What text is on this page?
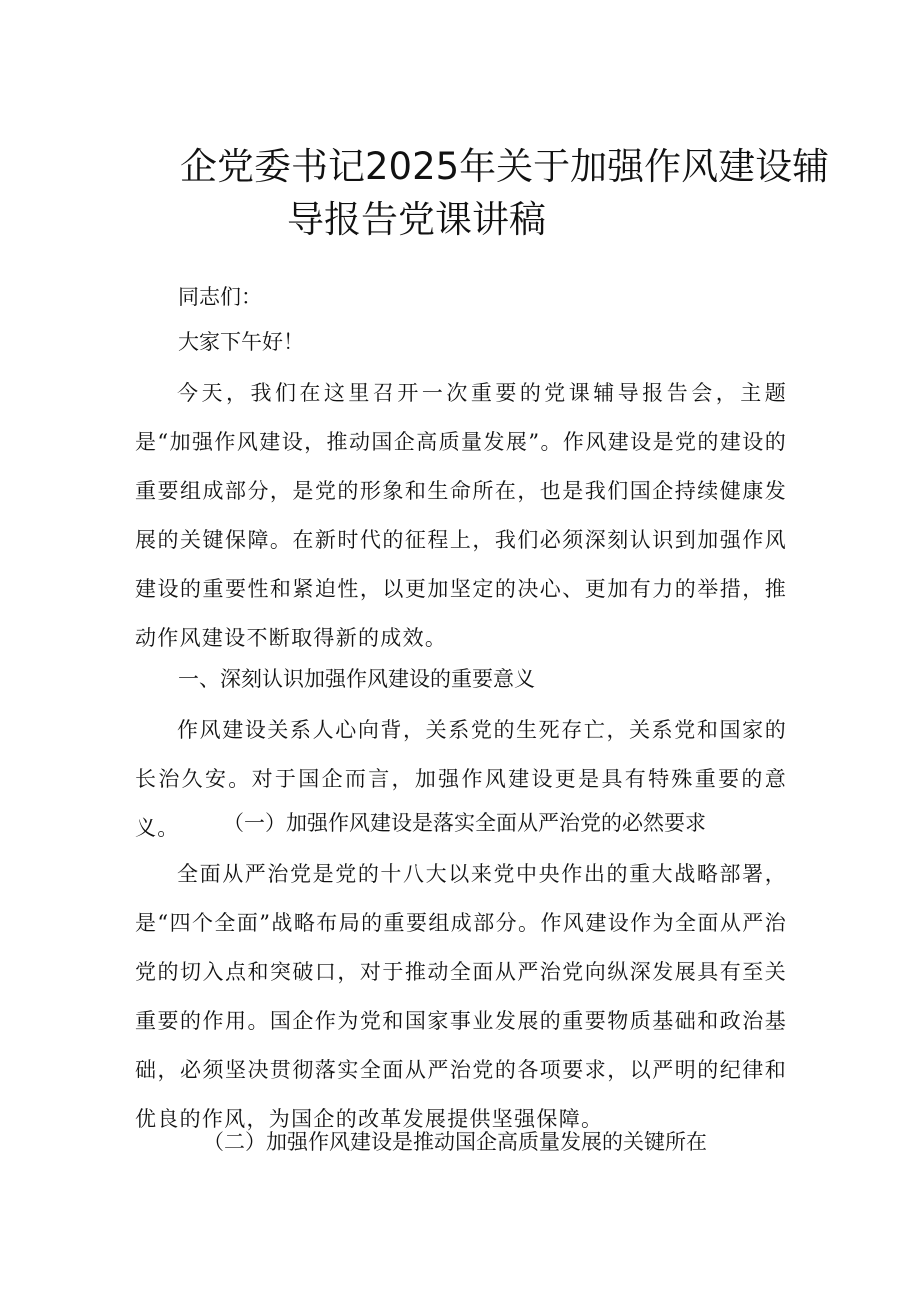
企党委书记2025年关于加强作风建设辅
导报告党课讲稿

同志们：

大家下午好！

今天，我们在这里召开一次重要的党课辅导报告会，主题是“加强作风建设，推动国企高质量发展”。作风建设是党的建设的重要组成部分，是党的形象和生命所在，也是我们国企持续健康发展的关键保障。在新时代的征程上，我们必须深刻认识到加强作风建设的重要性和紧迫性，以更加坚定的决心、更加有力的举措，推动作风建设不断取得新的成效。

一、深刻认识加强作风建设的重要意义

作风建设关系人心向背，关系党的生死存亡，关系党和国家的长治久安。对于国企而言，加强作风建设更是具有特殊重要的意义。	（一）加强作风建设是落实全面从严治党的必然要求

全面从严治党是党的十八大以来党中央作出的重大战略部署，是“四个全面”战略布局的重要组成部分。作风建设作为全面从严治党的切入点和突破口，对于推动全面从严治党向纵深发展具有至关重要的作用。国企作为党和国家事业发展的重要物质基础和政治基础，必须坚决贯彻落实全面从严治党的各项要求，以严明的纪律和优良的作风，为国企的改革发展提供坚强保障。

（二）加强作风建设是推动国企高质量发展的关键所在
